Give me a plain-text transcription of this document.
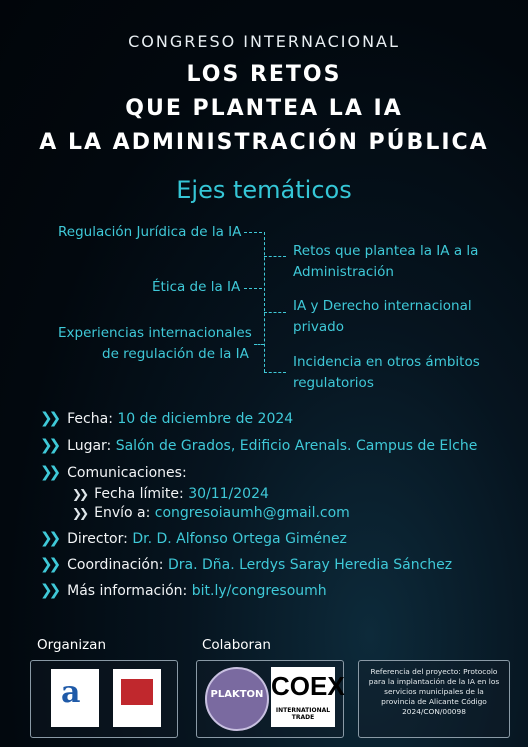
CONGRESO INTERNACIONAL
LOS RETOS
QUE PLANTEA LA IA
A LA ADMINISTRACIÓN PÚBLICA
Ejes temáticos
Regulación Jurídica de la IA
Ética de la IA
Experiencias internacionales
de regulación de la IA
Retos que plantea la IA a la
Administración
IA y Derecho internacional
privado
Incidencia en otros ámbitos
regulatorios
❯❯ Fecha: 10 de diciembre de 2024
❯❯ Lugar: Salón de Grados, Edificio Arenals. Campus de Elche
❯❯ Comunicaciones:
❯❯ Fecha límite: 30/11/2024
❯❯ Envío a: congresoiaumh@gmail.com
❯❯ Director: Dr. D. Alfonso Ortega Giménez
❯❯ Coordinación: Dra. Dña. Lerdys Saray Heredia Sánchez
❯❯ Más información: bit.ly/congresoumh
Organizan	Colaboran
a	PLAKTON COEX
INTERNATIONAL TRADE
Referencia del proyecto: Protocolo para la implantación de la IA en los servicios municipales de la provincia de Alicante Código 2024/CON/00098
